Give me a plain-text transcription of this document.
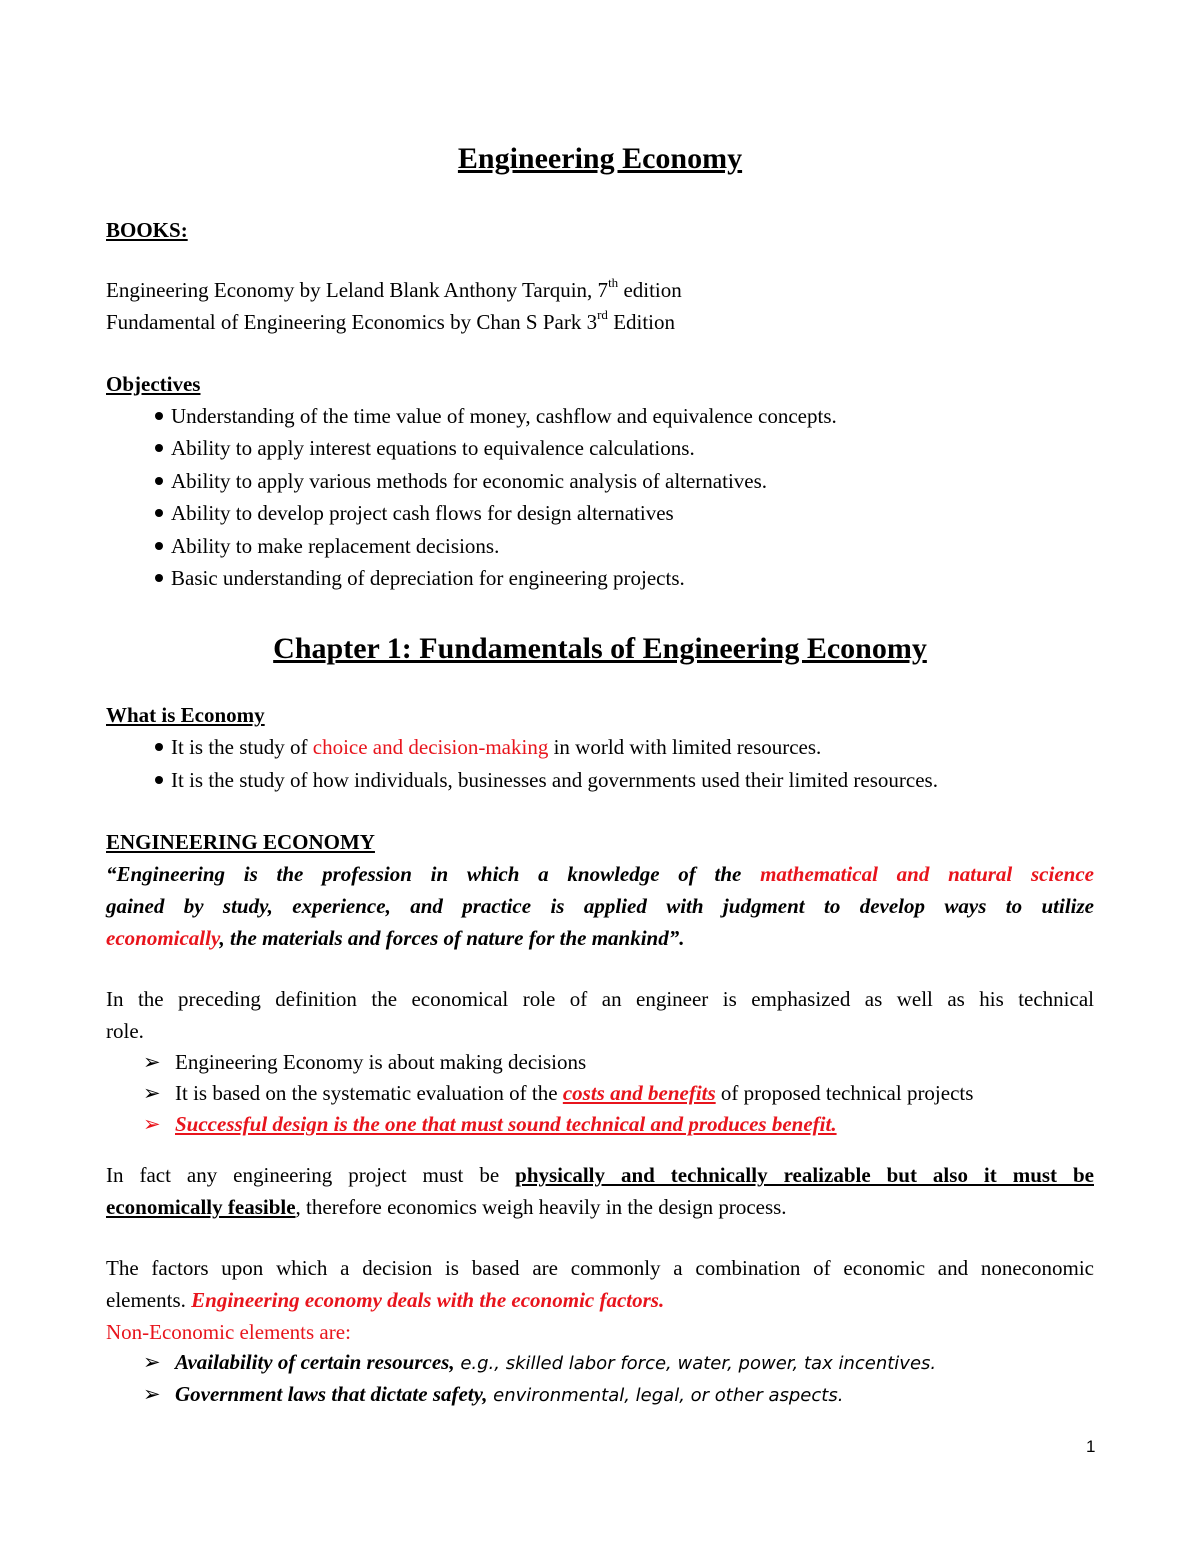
Engineering Economy
BOOKS:
Engineering Economy by Leland Blank Anthony Tarquin, 7th edition
Fundamental of Engineering Economics by Chan S Park 3rd Edition
Objectives
Understanding of the time value of money, cashflow and equivalence concepts.
Ability to apply interest equations to equivalence calculations.
Ability to apply various methods for economic analysis of alternatives.
Ability to develop project cash flows for design alternatives
Ability to make replacement decisions.
Basic understanding of depreciation for engineering projects.
Chapter 1: Fundamentals of Engineering Economy
What is Economy
It is the study of choice and decision-making in world with limited resources.
It is the study of how individuals, businesses and governments used their limited resources.
ENGINEERING ECONOMY
“Engineering is the profession in which a knowledge of the mathematical and natural science
gained by study, experience, and practice is applied with judgment to develop ways to utilize
economically, the materials and forces of nature for the mankind”.
In the preceding definition the economical role of an engineer is emphasized as well as his technical
role.
➢ Engineering Economy is about making decisions
➢ It is based on the systematic evaluation of the costs and benefits of proposed technical projects
➢ Successful design is the one that must sound technical and produces benefit.
In fact any engineering project must be physically and technically realizable but also it must be
economically feasible, therefore economics weigh heavily in the design process.
The factors upon which a decision is based are commonly a combination of economic and noneconomic
elements. Engineering economy deals with the economic factors.
Non-Economic elements are:
➢ Availability of certain resources, e.g., skilled labor force, water, power, tax incentives.
➢ Government laws that dictate safety, environmental, legal, or other aspects.
1
